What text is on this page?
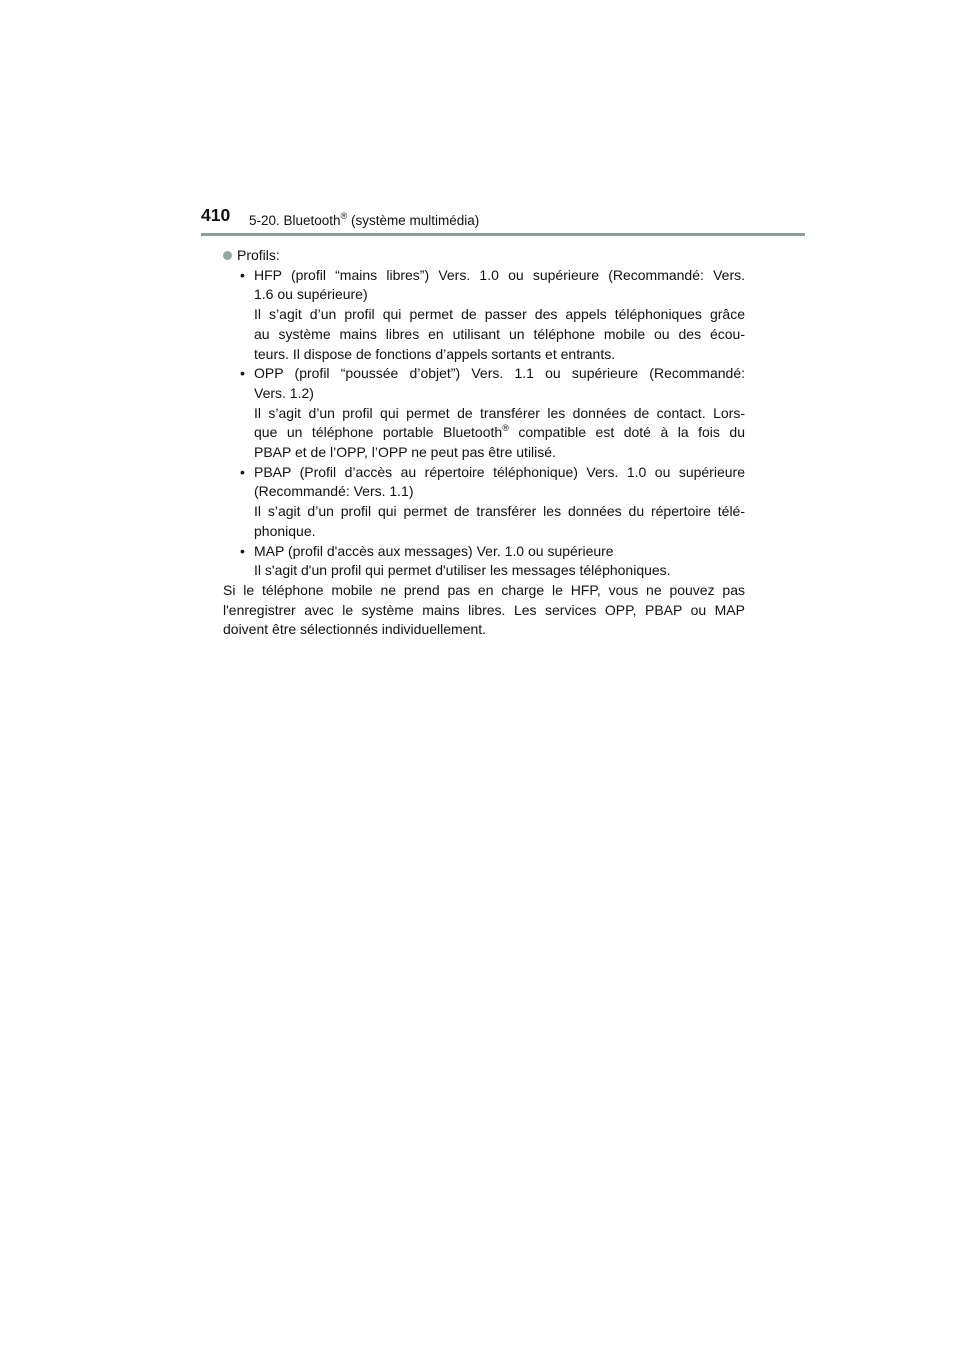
410 5-20. Bluetooth® (système multimédia)
Profils:
• HFP (profil “mains libres”) Vers. 1.0 ou supérieure (Recommandé: Vers.
1.6 ou supérieure)
Il s’agit d’un profil qui permet de passer des appels téléphoniques grâce
au système mains libres en utilisant un téléphone mobile ou des écou-
teurs. Il dispose de fonctions d’appels sortants et entrants.
• OPP (profil “poussée d’objet”) Vers. 1.1 ou supérieure (Recommandé:
Vers. 1.2)
Il s’agit d’un profil qui permet de transférer les données de contact. Lors-
que un téléphone portable Bluetooth® compatible est doté à la fois du
PBAP et de l’OPP, l’OPP ne peut pas être utilisé.
• PBAP (Profil d’accès au répertoire téléphonique) Vers. 1.0 ou supérieure
(Recommandé: Vers. 1.1)
Il s’agit d’un profil qui permet de transférer les données du répertoire télé-
phonique.
• MAP (profil d'accès aux messages) Ver. 1.0 ou supérieure
Il s'agit d'un profil qui permet d'utiliser les messages téléphoniques.
Si le téléphone mobile ne prend pas en charge le HFP, vous ne pouvez pas
l'enregistrer avec le système mains libres. Les services OPP, PBAP ou MAP
doivent être sélectionnés individuellement.
